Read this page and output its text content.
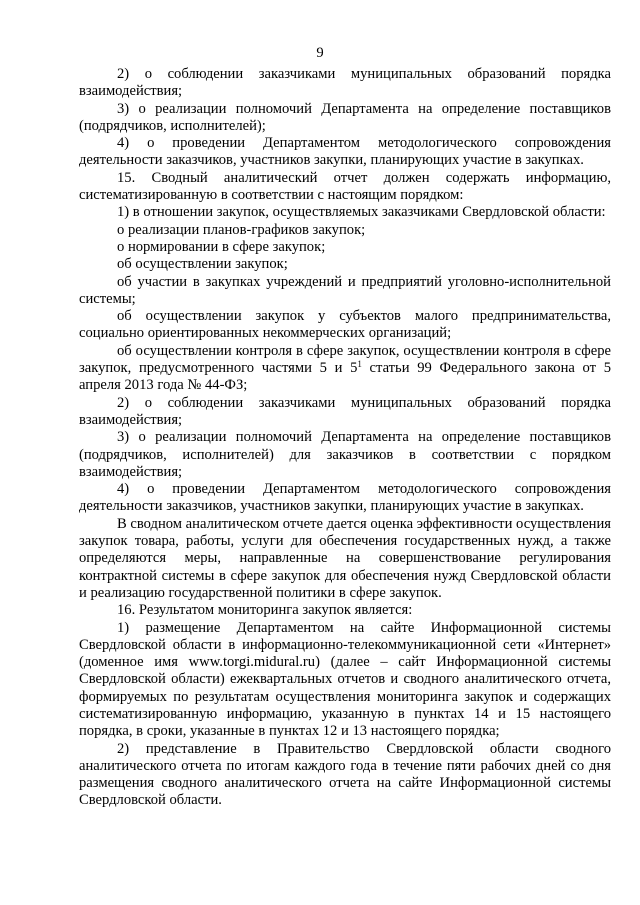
9

2) о соблюдении заказчиками муниципальных образований порядка взаимодействия;

3) о реализации полномочий Департамента на определение поставщиков (подрядчиков, исполнителей);

4) о проведении Департаментом методологического сопровождения деятельности заказчиков, участников закупки, планирующих участие в закупках.

15. Сводный аналитический отчет должен содержать информацию, систематизированную в соответствии с настоящим порядком:

1) в отношении закупок, осуществляемых заказчиками Свердловской области:

о реализации планов-графиков закупок;

о нормировании в сфере закупок;

об осуществлении закупок;

об участии в закупках учреждений и предприятий уголовно-исполнительной системы;

об осуществлении закупок у субъектов малого предпринимательства, социально ориентированных некоммерческих организаций;

об осуществлении контроля в сфере закупок, осуществлении контроля в сфере закупок, предусмотренного частями 5 и $5^1$ статьи 99 Федерального закона от 5 апреля 2013 года № 44-ФЗ;

2) о соблюдении заказчиками муниципальных образований порядка взаимодействия;

3) о реализации полномочий Департамента на определение поставщиков (подрядчиков, исполнителей) для заказчиков в соответствии с порядком взаимодействия;

4) о проведении Департаментом методологического сопровождения деятельности заказчиков, участников закупки, планирующих участие в закупках.

В сводном аналитическом отчете дается оценка эффективности осуществления закупок товара, работы, услуги для обеспечения государственных нужд, а также определяются меры, направленные на совершенствование регулирования контрактной системы в сфере закупок для обеспечения нужд Свердловской области и реализацию государственной политики в сфере закупок.

16. Результатом мониторинга закупок является:

1) размещение Департаментом на сайте Информационной системы Свердловской области в информационно-телекоммуникационной сети «Интернет» (доменное имя www.torgi.midural.ru) (далее – сайт Информационной системы Свердловской области) ежеквартальных отчетов и сводного аналитического отчета, формируемых по результатам осуществления мониторинга закупок и содержащих систематизированную информацию, указанную в пунктах 14 и 15 настоящего порядка, в сроки, указанные в пунктах 12 и 13 настоящего порядка;

2) представление в Правительство Свердловской области сводного аналитического отчета по итогам каждого года в течение пяти рабочих дней со дня размещения сводного аналитического отчета на сайте Информационной системы Свердловской области.
